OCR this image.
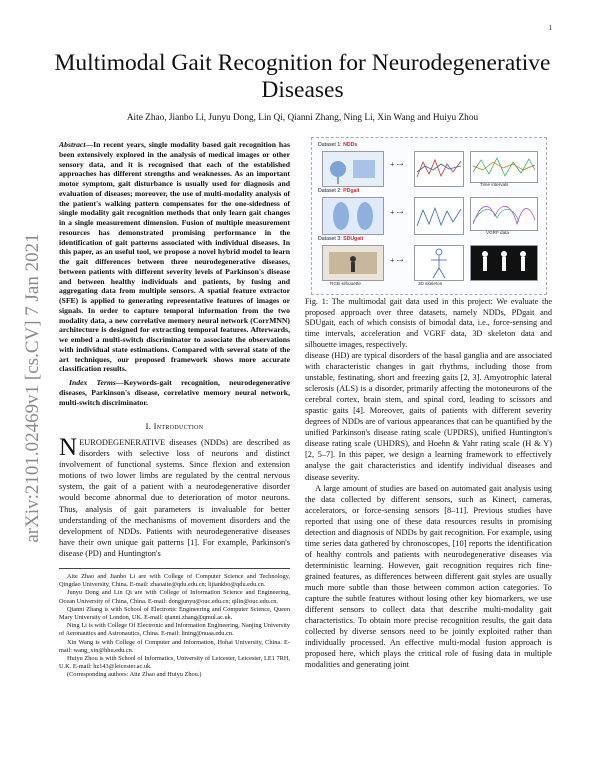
1
arXiv:2101.02469v1 [cs.CV] 7 Jan 2021
Multimodal Gait Recognition for Neurodegenerative Diseases
Aite Zhao, Jianbo Li, Junyu Dong, Lin Qi, Qianni Zhang, Ning Li, Xin Wang and Huiyu Zhou

Abstract—In recent years, single modality based gait recognition has been extensively explored in the analysis of medical images or other sensory data, and it is recognised that each of the established approaches has different strengths and weaknesses. As an important motor symptom, gait disturbance is usually used for diagnosis and evaluation of diseases; moreover, the use of multi-modality analysis of the patient's walking pattern compensates for the one-sidedness of single modality gait recognition methods that only learn gait changes in a single measurement dimension. Fusion of multiple measurement resources has demonstrated promising performance in the identification of gait patterns associated with individual diseases. In this paper, as an useful tool, we propose a novel hybrid model to learn the gait differences between three neurodegenerative diseases, between patients with different severity levels of Parkinson's disease and between healthy individuals and patients, by fusing and aggregating data from multiple sensors. A spatial feature extractor (SFE) is applied to generating representative features of images or signals. In order to capture temporal information from the two modality data, a new correlative memory neural network (CorrMNN) architecture is designed for extracting temporal features. Afterwards, we embed a multi-switch discriminator to associate the observations with individual state estimations. Compared with several state of the art techniques, our proposed framework shows more accurate classification results.

Index Terms—Keywords-gait recognition, neurodegenerative diseases, Parkinson's disease, correlative memory neural network, multi-switch discriminator.

I. Introduction

NEURODEGENERATIVE diseases (NDDs) are described as disorders with selective loss of neurons and distinct involvement of functional systems. Since flexion and extension motions of two lower limbs are regulated by the central nervous system, the gait of a patient with a neurodegenerative disorder would become abnormal due to deterioration of motor neurons. Thus, analysis of gait parameters is invaluable for better understanding of the mechanisms of movement disorders and the development of NDDs. Patients with neurodegenerative diseases have their own unique gait patterns [1]. For example, Parkinson's disease (PD) and Huntington's

Aite Zhao and Jianbo Li are with College of Computer Science and Technology, Qingdao University, China. E-mail: zhaoaite@qdu.edu.cn; lijiankbo@qdu.edu.cn.

Junyu Dong and Lin Qi are with College of Information Science and Engineering, Ocean University of China, China. E-mail: dongjunyu@ouc.edu.cn; qilin@ouc.edu.cn.

Qianni Zhang is with School of Electronic Engineering and Computer Science, Queen Mary University of London, UK. E-mail: qianni.zhang@qmul.ac.uk.

Ning Li is with College Of Electronic and Information Engineering, Nanjing University of Aeronautics and Astronautics, China. E-mail: lining@nuaa.edu.cn.

Xin Wang is with College of Computer and Information, Hohai University, China. E-mail: wang_xin@hhu.edu.cn.

Huiyu Zhou is with School of Informatics, University of Leicester, Leicester, LE1 7RH, U.K. E-mail: hz143@leicester.ac.uk.

(Corresponding authors: Aite Zhao and Huiyu Zhou.)

Dataset 1: NDDs
+ ⇢
Time intervals
Dataset 2: PDgait
+ ⇢
VGRF data
Dataset 3: SDUgait
+ ⇢
RGB silhouette	3D skeleton

Fig. 1: The multimodal gait data used in this project: We evaluate the proposed approach over three datasets, namely NDDs, PDgait and SDUgait, each of which consists of bimodal data, i.e., force-sensing and time intervals, acceleration and VGRF data, 3D skeleton data and silhouette images, respectively.

disease (HD) are typical disorders of the basal ganglia and are associated with characteristic changes in gait rhythms, including those from unstable, festinating, short and freezing gaits [2, 3]. Amyotrophic lateral sclerosis (ALS) is a disorder, primarily affecting the motoneurons of the cerebral cortex, brain stem, and spinal cord, leading to scissors and spastic gaits [4]. Moreover, gaits of patients with different severity degrees of NDDs are of various appearances that can be quantified by the unified Parkinson's disease rating scale (UPDRS), unified Huntington's disease rating scale (UHDRS), and Hoehn & Yahr rating scale (H & Y) [2, 5–7]. In this paper, we design a learning framework to effectively analyse the gait characteristics and identify individual diseases and disease severity.

A large amount of studies are based on automated gait analysis using the data collected by different sensors, such as Kinect, cameras, accelerators, or force-sensing sensors [8–11]. Previous studies have reported that using one of these data resources results in promising detection and diagnosis of NDDs by gait recognition. For example, using time series data gathered by chronoscopes, [10] reports the identification of healthy controls and patients with neurodegenerative diseases via deterministic learning. However, gait recognition requires rich fine-grained features, as differences between different gait styles are usually much more subtle than those between common action categories. To capture the subtle features without losing other key biomarkers, we use different sensors to collect data that describe multi-modality gait characteristics. To obtain more precise recognition results, the gait data collected by diverse sensors need to be jointly exploited rather than individually processed. An effective multi-modal fusion approach is proposed here, which plays the critical role of fusing data in multiple modalities and generating joint
